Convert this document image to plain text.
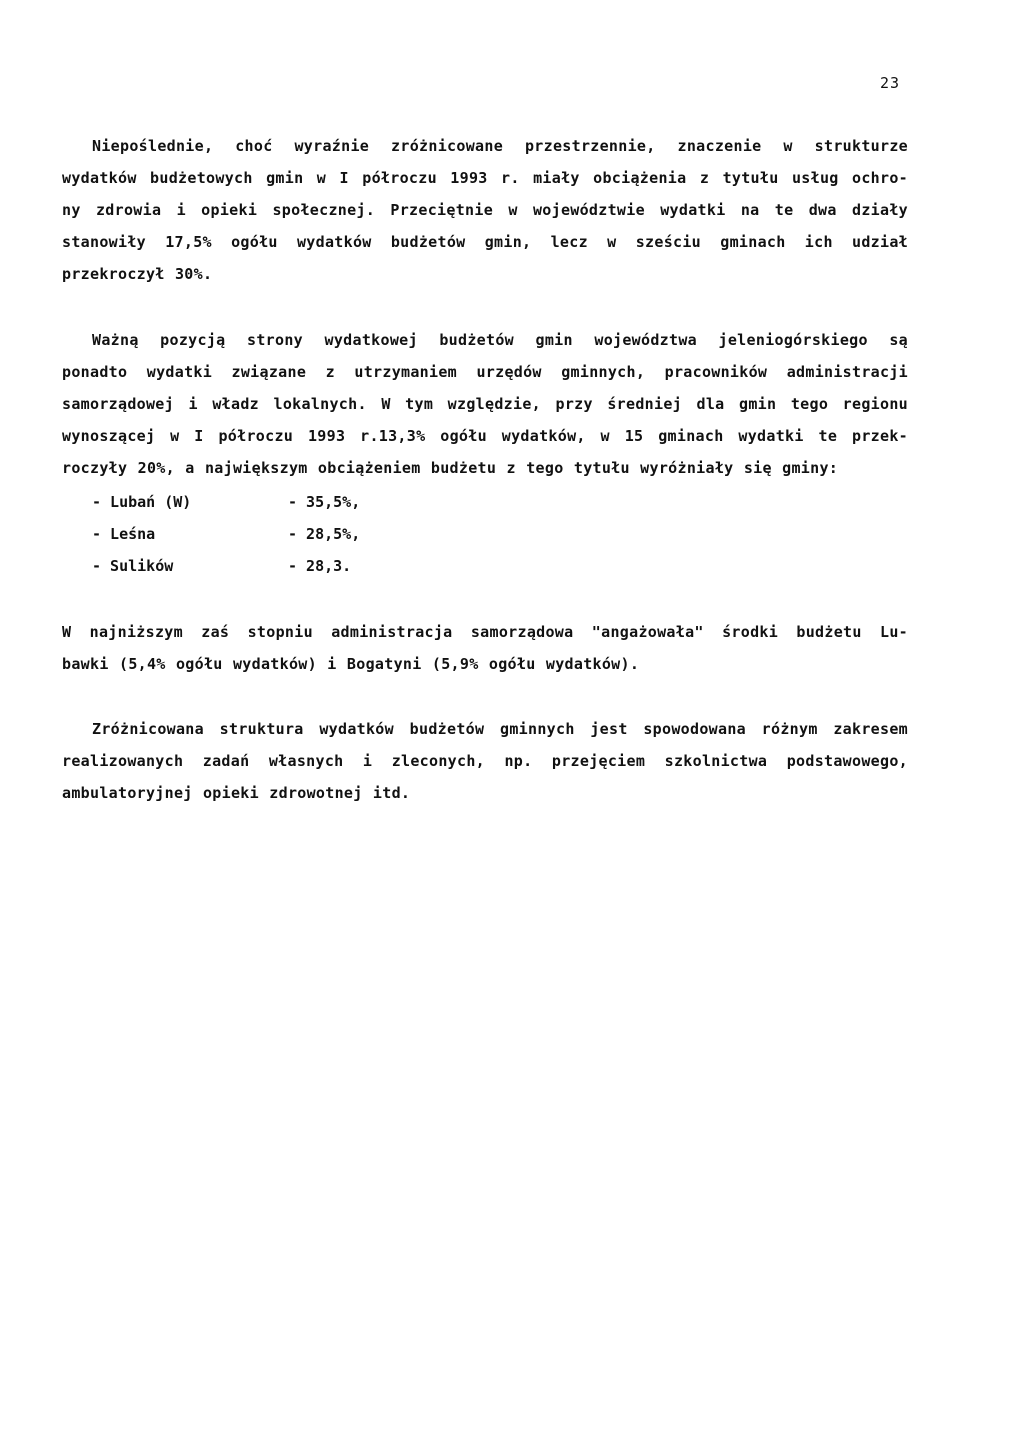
23
Niepoślednie, choć wyraźnie zróżnicowane przestrzennie, znaczenie w strukturze
wydatków budżetowych gmin w I półroczu 1993 r. miały obciążenia z tytułu usług ochro-
ny zdrowia i opieki społecznej. Przeciętnie w województwie wydatki na te dwa działy
stanowiły 17,5% ogółu wydatków budżetów gmin, lecz w sześciu gminach ich udział
przekroczył 30%.
Ważną pozycją strony wydatkowej budżetów gmin województwa jeleniogórskiego są
ponadto wydatki związane z utrzymaniem urzędów gminnych, pracowników administracji
samorządowej i władz lokalnych. W tym względzie, przy średniej dla gmin tego regionu
wynoszącej w I półroczu 1993 r.13,3% ogółu wydatków, w 15 gminach wydatki te przek-
roczyły 20%, a największym obciążeniem budżetu z tego tytułu wyróżniały się gminy:
- Lubań (W)	- 35,5%,
- Leśna	- 28,5%,
- Sulików	- 28,3.
W najniższym zaś stopniu administracja samorządowa "angażowała" środki budżetu Lu-
bawki (5,4% ogółu wydatków) i Bogatyni (5,9% ogółu wydatków).
Zróżnicowana struktura wydatków budżetów gminnych jest spowodowana różnym zakresem
realizowanych zadań własnych i zleconych, np. przejęciem szkolnictwa podstawowego,
ambulatoryjnej opieki zdrowotnej itd.
